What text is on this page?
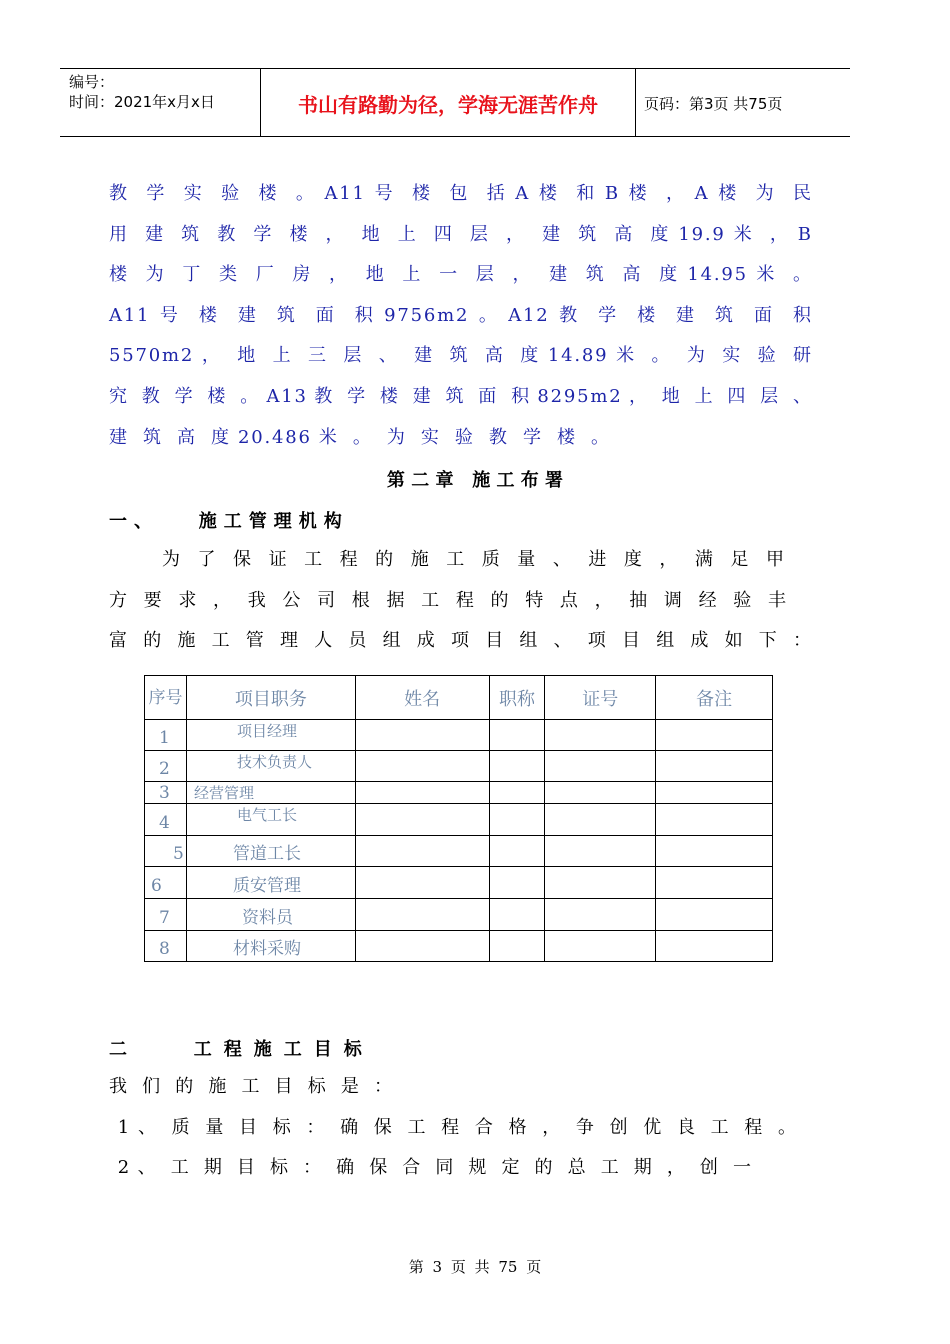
编号：
时间：2021年x月x日	书山有路勤为径，学海无涯苦作舟	页码：第3页 共75页
教 学 实 验 楼 。 A 1 1 号 楼 包 括 A 楼 和 B 楼 ， A 楼 为 民
用 建 筑 教 学 楼 ， 地 上 四 层 ， 建 筑 高 度 1 9 . 9 米 ， B
楼 为 丁 类 厂 房 ， 地 上 一 层 ， 建 筑 高 度 1 4 . 9 5 米 。
A 1 1 号 楼 建 筑 面 积 9 7 5 6 m 2 。 A 1 2 教 学 楼 建 筑 面 积
5 5 7 0 m 2 ， 地 上 三 层 、 建 筑 高 度 1 4 . 8 9 米 。 为 实 验 研
究 教 学 楼 。 A 1 3 教 学 楼 建 筑 面 积 8 2 9 5 m 2 ， 地 上 四 层 、
建 筑 高 度 2 0 . 4 8 6 米 。 为 实 验 教 学 楼 。
第 二 章   施 工 布 署
一、   施工管理机构
为 了 保 证 工 程 的 施 工 质 量 、 进 度 ， 满 足 甲
方 要 求 ， 我 公 司 根 据 工 程 的 特 点 ， 抽 调 经 验 丰
富 的 施 工 管 理 人 员 组 成 项 目 组 、 项 目 组 成 如 下 ：
序号	项目职务	姓名	职称	证号	备注
1	项目经理				
2	技术负责人				
3	经营管理				
4	电气工长				
5	管道工长				
6	质安管理				
7	资料员				
8	材料采购				
二   工程施工目标
我 们 的 施 工 目 标 是 ：
 1 、 质 量 目 标 ： 确 保 工 程 合 格 ， 争 创 优 良 工 程 。
 2 、 工 期 目 标 ： 确 保 合 同 规 定 的 总 工 期 ， 创 一
第 3 页 共 75 页
